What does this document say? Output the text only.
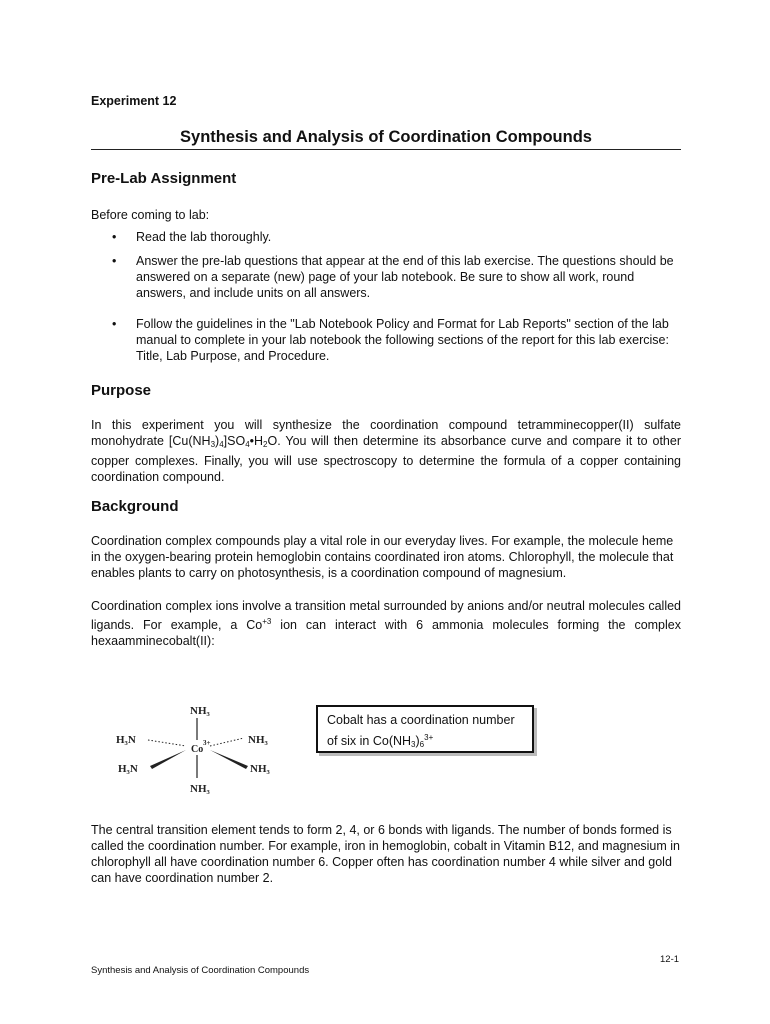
Experiment 12
Synthesis and Analysis of Coordination Compounds
Pre-Lab Assignment
Before coming to lab:
• Read the lab thoroughly.
• Answer the pre-lab questions that appear at the end of this lab exercise. The questions should be answered on a separate (new) page of your lab notebook. Be sure to show all work, round answers, and include units on all answers.
• Follow the guidelines in the "Lab Notebook Policy and Format for Lab Reports" section of the lab manual to complete in your lab notebook the following sections of the report for this lab exercise: Title, Lab Purpose, and Procedure.
Purpose
In this experiment you will synthesize the coordination compound tetramminecopper(II) sulfate monohydrate $[Cu(NH_3)_4]SO_4•H_2O$. You will then determine its absorbance curve and compare it to other copper complexes. Finally, you will use spectroscopy to determine the formula of a copper containing coordination compound.
Background
Coordination complex compounds play a vital role in our everyday lives. For example, the molecule heme in the oxygen-bearing protein hemoglobin contains coordinated iron atoms. Chlorophyll, the molecule that enables plants to carry on photosynthesis, is a coordination compound of magnesium.
Coordination complex ions involve a transition metal surrounded by anions and/or neutral molecules called ligands. For example, a $Co^{+3}$ ion can interact with 6 ammonia molecules forming the complex hexaamminecobalt(II):
NH₃
H₃N	NH₃
H₃N	NH₃
NH₃
Co
3+
Cobalt has a coordination number
of six in $Co(NH_3)_6^{3+}$
The central transition element tends to form 2, 4, or 6 bonds with ligands. The number of bonds formed is called the coordination number. For example, iron in hemoglobin, cobalt in Vitamin B12, and magnesium in chlorophyll all have coordination number 6. Copper often has coordination number 4 while silver and gold can have coordination number 2.
12-1
Synthesis and Analysis of Coordination Compounds
